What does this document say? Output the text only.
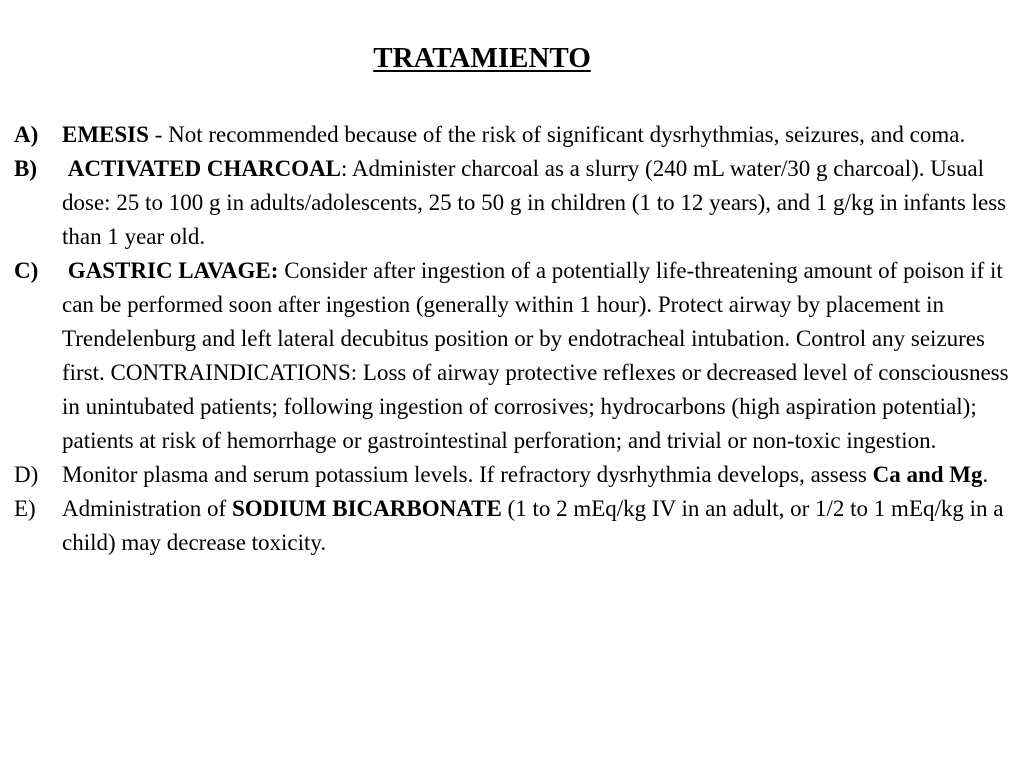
TRATAMIENTO
A) EMESIS - Not recommended because of the risk of significant dysrhythmias, seizures, and coma.
B) ACTIVATED CHARCOAL: Administer charcoal as a slurry (240 mL water/30 g charcoal). Usual dose: 25 to 100 g in adults/adolescents, 25 to 50 g in children (1 to 12 years), and 1 g/kg in infants less than 1 year old.
C) GASTRIC LAVAGE: Consider after ingestion of a potentially life-threatening amount of poison if it can be performed soon after ingestion (generally within 1 hour). Protect airway by placement in Trendelenburg and left lateral decubitus position or by endotracheal intubation. Control any seizures first. CONTRAINDICATIONS: Loss of airway protective reflexes or decreased level of consciousness in unintubated patients; following ingestion of corrosives; hydrocarbons (high aspiration potential); patients at risk of hemorrhage or gastrointestinal perforation; and trivial or non-toxic ingestion.
D) Monitor plasma and serum potassium levels. If refractory dysrhythmia develops, assess Ca and Mg.
E) Administration of SODIUM BICARBONATE (1 to 2 mEq/kg IV in an adult, or 1/2 to 1 mEq/kg in a child) may decrease toxicity.
